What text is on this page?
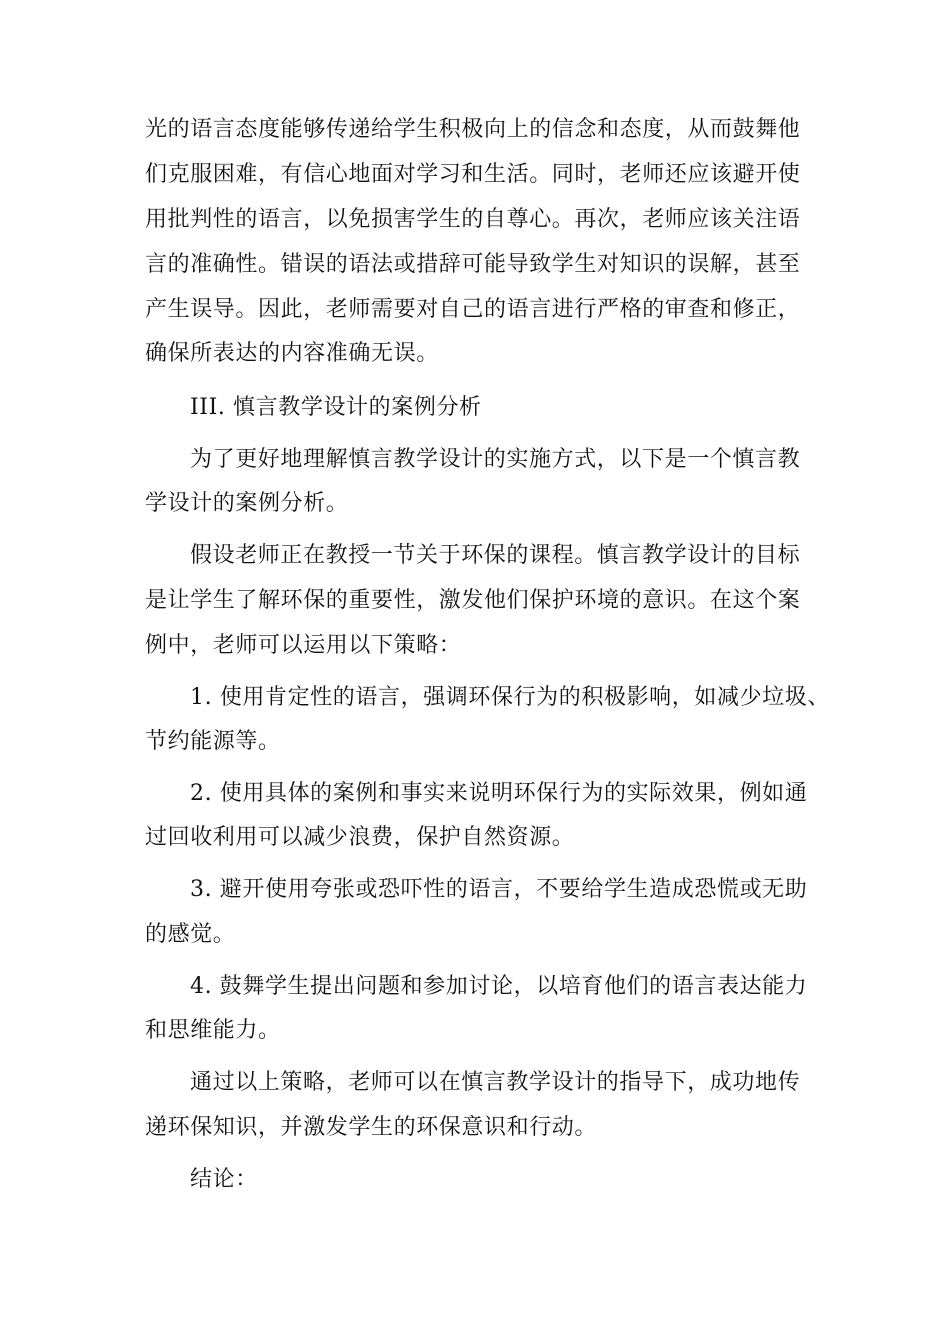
光的语言态度能够传递给学生积极向上的信念和态度，从而鼓舞他
们克服困难，有信心地面对学习和生活。同时，老师还应该避开使
用批判性的语言，以免损害学生的自尊心。再次，老师应该关注语
言的准确性。错误的语法或措辞可能导致学生对知识的误解，甚至
产生误导。因此，老师需要对自己的语言进行严格的审查和修正，
确保所表达的内容准确无误。
III. 慎言教学设计的案例分析
为了更好地理解慎言教学设计的实施方式，以下是一个慎言教
学设计的案例分析。
假设老师正在教授一节关于环保的课程。慎言教学设计的目标
是让学生了解环保的重要性，激发他们保护环境的意识。在这个案
例中，老师可以运用以下策略：
1. 使用肯定性的语言，强调环保行为的积极影响，如减少垃圾、
节约能源等。
2. 使用具体的案例和事实来说明环保行为的实际效果，例如通
过回收利用可以减少浪费，保护自然资源。
3. 避开使用夸张或恐吓性的语言，不要给学生造成恐慌或无助
的感觉。
4. 鼓舞学生提出问题和参加讨论，以培育他们的语言表达能力
和思维能力。
通过以上策略，老师可以在慎言教学设计的指导下，成功地传
递环保知识，并激发学生的环保意识和行动。
结论：
